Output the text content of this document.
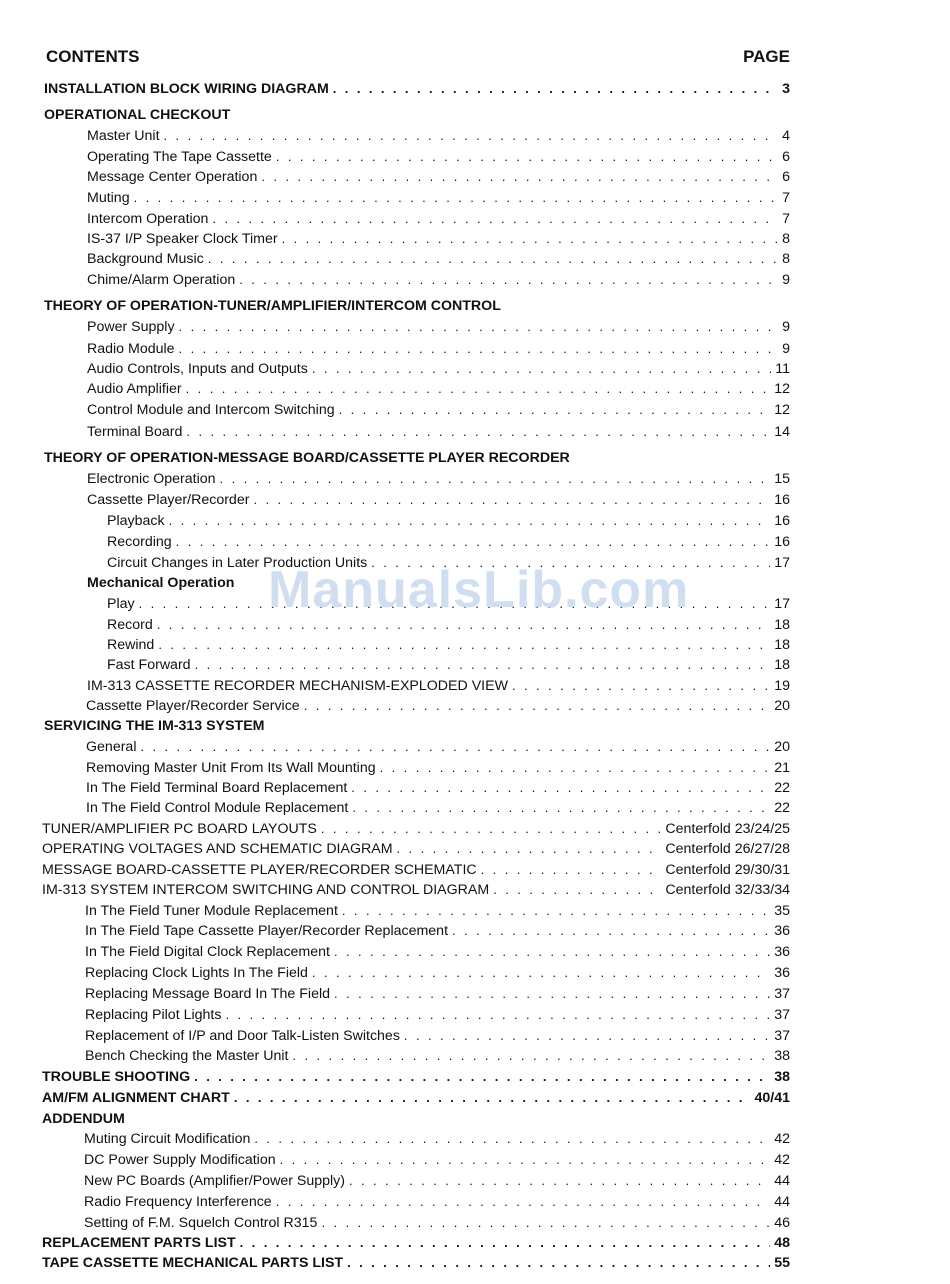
CONTENTS	PAGE
INSTALLATION BLOCK WIRING DIAGRAM . . .	3
OPERATIONAL CHECKOUT
Master Unit . . .	4
Operating The Tape Cassette . . .	6
Message Center Operation . . .	6
Muting . . .	7
Intercom Operation . . .	7
IS-37 I/P Speaker Clock Timer . . .	8
Background Music . . .	8
Chime/Alarm Operation . . .	9
THEORY OF OPERATION-TUNER/AMPLIFIER/INTERCOM CONTROL
Power Supply . . .	9
Radio Module . . .	9
Audio Controls, Inputs and Outputs . . .	11
Audio Amplifier . . .	12
Control Module and Intercom Switching . . .	12
Terminal Board . . .	14
THEORY OF OPERATION-MESSAGE BOARD/CASSETTE PLAYER RECORDER
Electronic Operation . . .	15
Cassette Player/Recorder . . .	16
Playback . . .	16
Recording . . .	16
Circuit Changes in Later Production Units . . .	17
Mechanical Operation
Play . . .	17
Record . . .	18
Rewind . . .	18
Fast Forward . . .	18
IM-313 CASSETTE RECORDER MECHANISM-EXPLODED VIEW . . .	19
Cassette Player/Recorder Service . . .	20
SERVICING THE IM-313 SYSTEM
General . . .	20
Removing Master Unit From Its Wall Mounting . . .	21
In The Field Terminal Board Replacement . . .	22
In The Field Control Module Replacement . . .	22
TUNER/AMPLIFIER PC BOARD LAYOUTS . . .	Centerfold 23/24/25
OPERATING VOLTAGES AND SCHEMATIC DIAGRAM . . .	Centerfold 26/27/28
MESSAGE BOARD-CASSETTE PLAYER/RECORDER SCHEMATIC . . .	Centerfold 29/30/31
IM-313 SYSTEM INTERCOM SWITCHING AND CONTROL DIAGRAM . . .	Centerfold 32/33/34
In The Field Tuner Module Replacement . . .	35
In The Field Tape Cassette Player/Recorder Replacement . . .	36
In The Field Digital Clock Replacement . . .	36
Replacing Clock Lights In The Field . . .	36
Replacing Message Board In The Field . . .	37
Replacing Pilot Lights . . .	37
Replacement of I/P and Door Talk-Listen Switches . . .	37
Bench Checking the Master Unit . . .	38
TROUBLE SHOOTING . . .	38
AM/FM ALIGNMENT CHART . . .	40/41
ADDENDUM
Muting Circuit Modification . . .	42
DC Power Supply Modification . . .	42
New PC Boards (Amplifier/Power Supply) . . .	44
Radio Frequency Interference . . .	44
Setting of F.M. Squelch Control R315 . . .	46
REPLACEMENT PARTS LIST . . .	48
TAPE CASSETTE MECHANICAL PARTS LIST . . .	55
ManualsLib.com
